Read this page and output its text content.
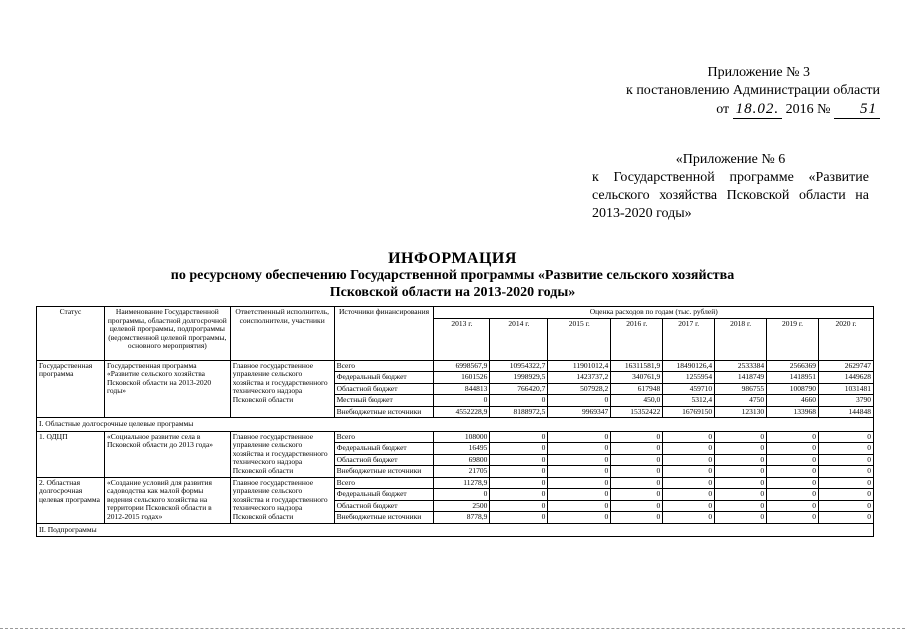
Приложение № 3
к постановлению Администрации области
от 18.02. 2016 № 51
«Приложение № 6
к Государственной программе «Развитие сельского хозяйства Псковской области на 2013-2020 годы»
ИНФОРМАЦИЯ
по ресурсному обеспечению Государственной программы «Развитие сельского хозяйства Псковской области на 2013-2020 годы»
Статус	Наименование Государственной программы, областной долгосрочной целевой программы, подпрограммы (ведомственной целевой программы, основного мероприятия)	Ответственный исполнитель, соисполнители, участники	Источники финансирования	Оценка расходов по годам (тыс. рублей)							
				2013 г.	2014 г.	2015 г.	2016 г.	2017 г.	2018 г.	2019 г.	2020 г.
Государственная программа	Государственная программа «Развитие сельского хозяйства Псковской области на 2013-2020 годы»	Главное государственное управление сельского хозяйства и государственного технического надзора Псковской области	Всего	6998567,9	10954322,7	11901012,4	16311581,9	18490126,4	2533384	2566369	2629747
			Федеральный бюджет	1601526	1998929,5	1423737,2	340761,9	1255954	1418749	1418951	1449628
			Областной бюджет	844813	766420,7	507928,2	617948	459710	986755	1008790	1031481
			Местный бюджет	0	0	0	450,0	5312,4	4750	4660	3790
			Внебюджетные источники	4552228,9	8188972,5	9969347	15352422	16769150	123130	133968	144848
I. Областные долгосрочные целевые программы											
1. ОДЦП	«Социальное развитие села в Псковской области до 2013 года»	Главное государственное управление сельского хозяйства и государственного технического надзора Псковской области	Всего	108000	0	0	0	0	0	0	0
			Федеральный бюджет	16495	0	0	0	0	0	0	0
			Областной бюджет	69800	0	0	0	0	0	0	0
			Внебюджетные источники	21705	0	0	0	0	0	0	0
2. Областная долгосрочная целевая программа	«Создание условий для развития садоводства как малой формы ведения сельского хозяйства на территории Псковской области в 2012-2015 годах»	Главное государственное управление сельского хозяйства и государственного технического надзора Псковской области	Всего	11278,9	0	0	0	0	0	0	0
			Федеральный бюджет	0	0	0	0	0	0	0	0
			Областной бюджет	2500	0	0	0	0	0	0	0
			Внебюджетные источники	8778,9	0	0	0	0	0	0	0
II. Подпрограммы											
